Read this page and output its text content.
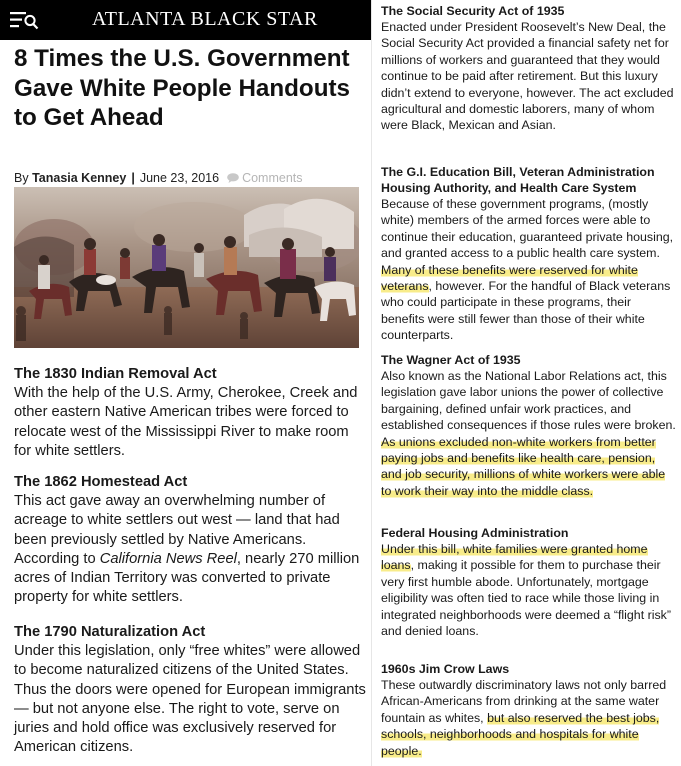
ATLANTA BLACK STAR
8 Times the U.S. Government Gave White People Handouts to Get Ahead
By Tanasia Kenney | June 23, 2016 Comments
The 1830 Indian Removal Act

With the help of the U.S. Army, Cherokee, Creek and other eastern Native American tribes were forced to relocate west of the Mississippi River to make room for white settlers.

The 1862 Homestead Act

This act gave away an overwhelming number of acreage to white settlers out west — land that had been previously settled by Native Americans. According to California News Reel, nearly 270 million acres of Indian Territory was converted to private property for white settlers.

The 1790 Naturalization Act

Under this legislation, only “free whites” were allowed to become naturalized citizens of the United States. Thus the doors were opened for European immigrants — but not anyone else. The right to vote, serve on juries and hold office was exclusively reserved for American citizens.

The Social Security Act of 1935

Enacted under President Roosevelt’s New Deal, the Social Security Act provided a financial safety net for millions of workers and guaranteed that they would continue to be paid after retirement. But this luxury didn’t extend to everyone, however. The act excluded agricultural and domestic laborers, many of whom were Black, Mexican and Asian.

The G.I. Education Bill, Veteran Administration Housing Authority, and Health Care System

Because of these government programs, (mostly white) members of the armed forces were able to continue their education, guaranteed private housing, and granted access to a public health care system. Many of these benefits were reserved for white veterans, however. For the handful of Black veterans who could participate in these programs, their benefits were still fewer than those of their white counterparts.

The Wagner Act of 1935

Also known as the National Labor Relations act, this legislation gave labor unions the power of collective bargaining, defined unfair work practices, and established consequences if those rules were broken. As unions excluded non-white workers from better paying jobs and benefits like health care, pension, and job security, millions of white workers were able to work their way into the middle class.

Federal Housing Administration

Under this bill, white families were granted home loans, making it possible for them to purchase their very first humble abode. Unfortunately, mortgage eligibility was often tied to race while those living in integrated neighborhoods were deemed a “flight risk” and denied loans.

1960s Jim Crow Laws

These outwardly discriminatory laws not only barred African-Americans from drinking at the same water fountain as whites, but also reserved the best jobs, schools, neighborhoods and hospitals for white people.
